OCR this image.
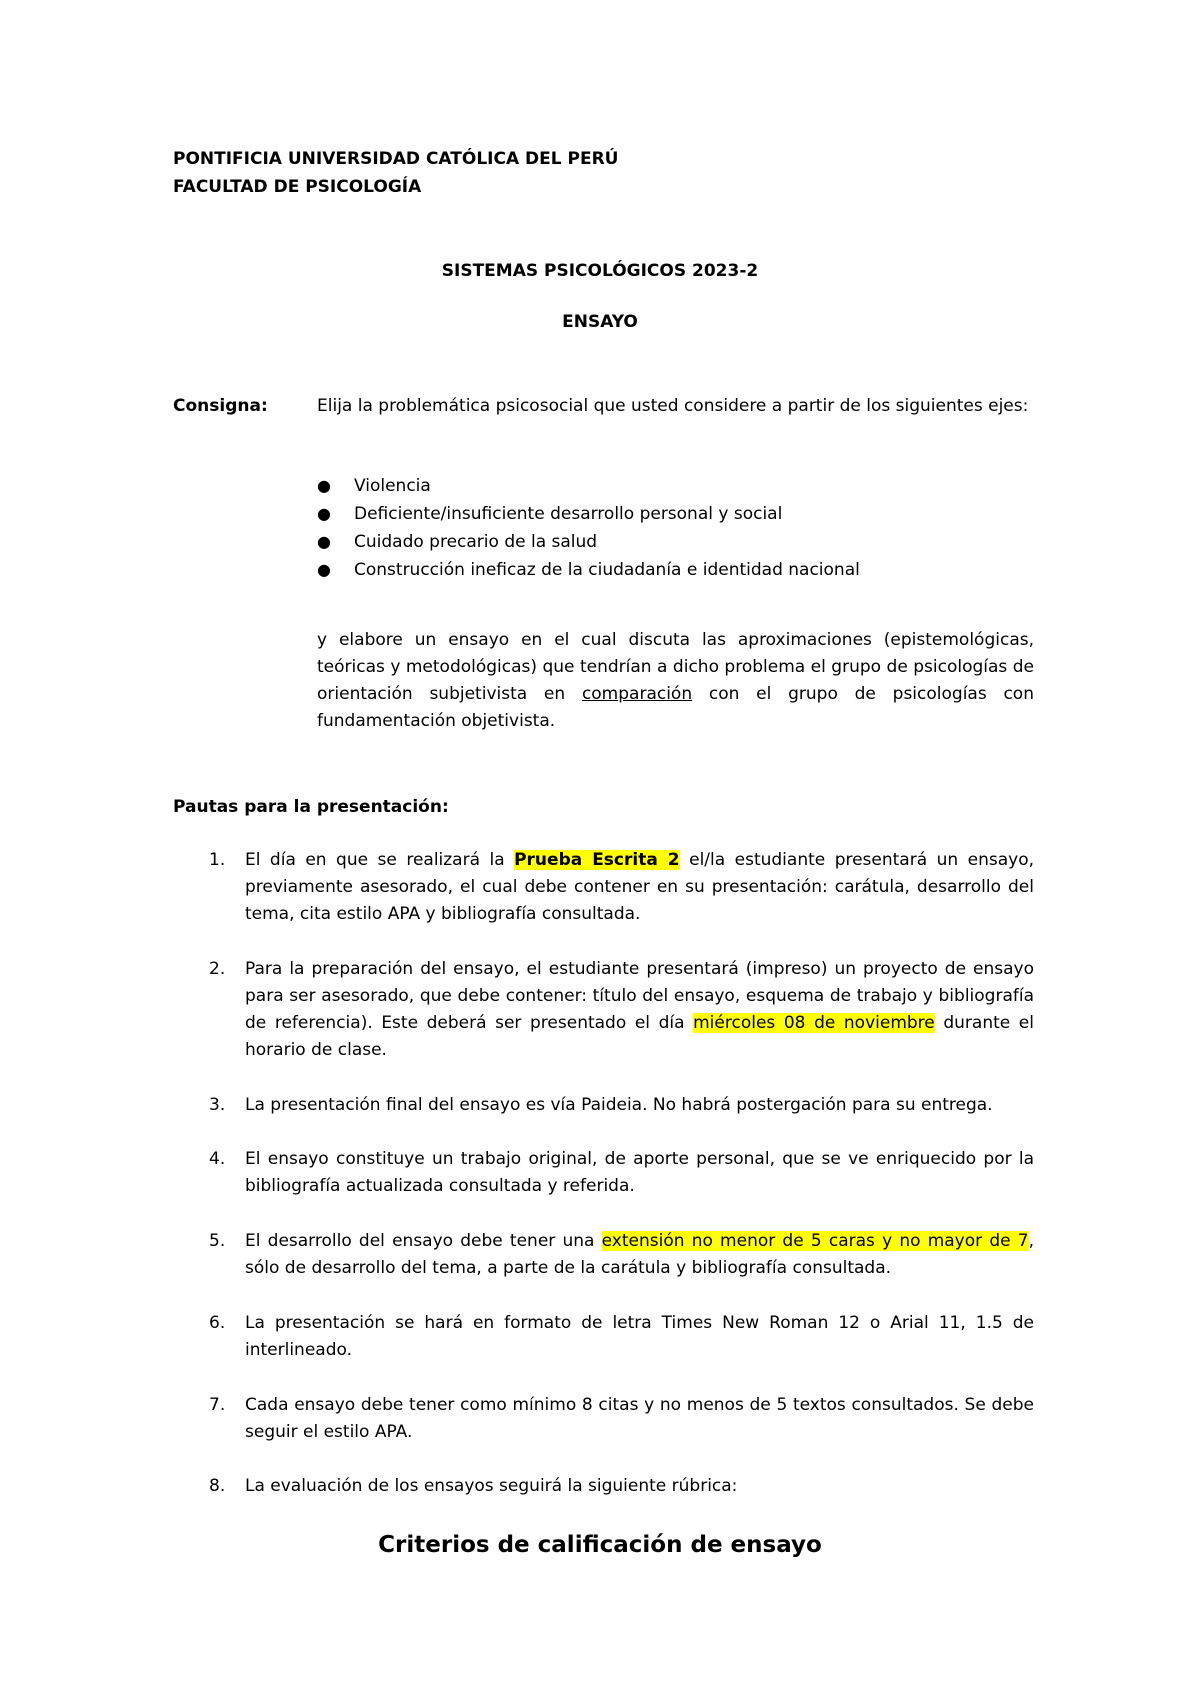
PONTIFICIA UNIVERSIDAD CATÓLICA DEL PERÚ
FACULTAD DE PSICOLOGÍA
SISTEMAS PSICOLÓGICOS 2023-2
ENSAYO
Consigna:	Elija la problemática psicosocial que usted considere a partir de los siguientes ejes:
● Violencia
● Deficiente/insuficiente desarrollo personal y social
● Cuidado precario de la salud
● Construcción ineficaz de la ciudadanía e identidad nacional
y elabore un ensayo en el cual discuta las aproximaciones (epistemológicas, teóricas y metodológicas) que tendrían a dicho problema el grupo de psicologías de orientación subjetivista en comparación con el grupo de psicologías con fundamentación objetivista.
Pautas para la presentación:
1.	El día en que se realizará la Prueba Escrita 2 el/la estudiante presentará un ensayo, previamente asesorado, el cual debe contener en su presentación: carátula, desarrollo del tema, cita estilo APA y bibliografía consultada.
2.	Para la preparación del ensayo, el estudiante presentará (impreso) un proyecto de ensayo para ser asesorado, que debe contener: título del ensayo, esquema de trabajo y bibliografía de referencia). Este deberá ser presentado el día miércoles 08 de noviembre durante el horario de clase.
3.	La presentación final del ensayo es vía Paideia. No habrá postergación para su entrega.
4.	El ensayo constituye un trabajo original, de aporte personal, que se ve enriquecido por la bibliografía actualizada consultada y referida.
5.	El desarrollo del ensayo debe tener una extensión no menor de 5 caras y no mayor de 7, sólo de desarrollo del tema, a parte de la carátula y bibliografía consultada.
6.	La presentación se hará en formato de letra Times New Roman 12 o Arial 11, 1.5 de interlineado.
7.	Cada ensayo debe tener como mínimo 8 citas y no menos de 5 textos consultados. Se debe seguir el estilo APA.
8.	La evaluación de los ensayos seguirá la siguiente rúbrica:
Criterios de calificación de ensayo
